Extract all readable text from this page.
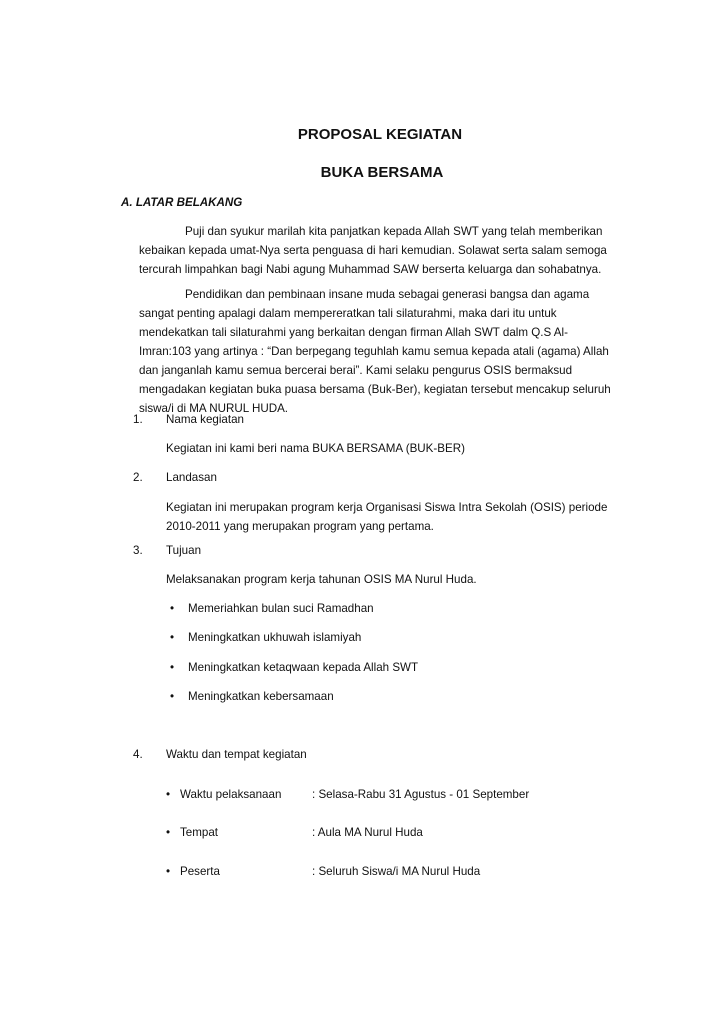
PROPOSAL KEGIATAN
BUKA BERSAMA
A. LATAR BELAKANG
Puji dan syukur marilah kita panjatkan kepada Allah SWT yang telah memberikan
kebaikan kepada umat-Nya serta penguasa di hari kemudian. Solawat serta salam semoga
tercurah limpahkan bagi Nabi agung Muhammad SAW berserta keluarga dan sohabatnya.
Pendidikan dan pembinaan insane muda sebagai generasi bangsa dan agama
sangat penting apalagi dalam mempereratkan tali silaturahmi, maka dari itu untuk
mendekatkan tali silaturahmi yang berkaitan dengan firman Allah SWT dalm Q.S Al-
Imran:103 yang artinya : “Dan berpegang teguhlah kamu semua kepada atali (agama) Allah
dan janganlah kamu semua bercerai berai”. Kami selaku pengurus OSIS bermaksud
mengadakan kegiatan buka puasa bersama (Buk-Ber), kegiatan tersebut mencakup seluruh
siswa/i di MA NURUL HUDA.
1. Nama kegiatan
Kegiatan ini kami beri nama BUKA BERSAMA (BUK-BER)
2. Landasan
Kegiatan ini merupakan program kerja Organisasi Siswa Intra Sekolah (OSIS) periode
2010-2011 yang merupakan program yang pertama.
3. Tujuan
Melaksanakan program kerja tahunan OSIS MA Nurul Huda.
• Memeriahkan bulan suci Ramadhan
• Meningkatkan ukhuwah islamiyah
• Meningkatkan ketaqwaan kepada Allah SWT
• Meningkatkan kebersamaan
4. Waktu dan tempat kegiatan
• Waktu pelaksanaan	: Selasa-Rabu 31 Agustus - 01 September
• Tempat	: Aula MA Nurul Huda
• Peserta	: Seluruh Siswa/i MA Nurul Huda
